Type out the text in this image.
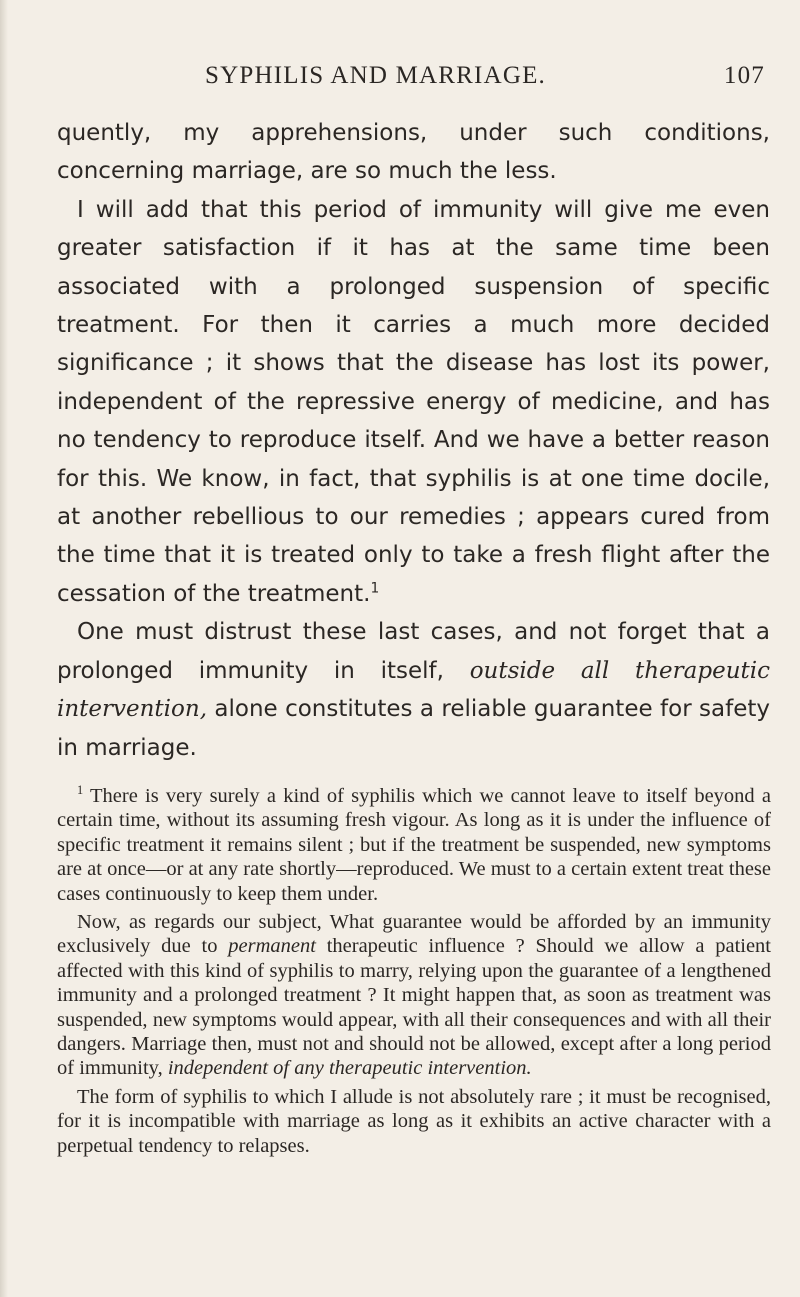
SYPHILIS AND MARRIAGE.	107

quently, my apprehensions, under such conditions, concerning marriage, are so much the less.

I will add that this period of immunity will give me even greater satisfaction if it has at the same time been associated with a prolonged suspension of specific treatment. For then it carries a much more decided significance ; it shows that the disease has lost its power, independent of the repressive energy of medicine, and has no tendency to reproduce itself. And we have a better reason for this. We know, in fact, that syphilis is at one time docile, at another rebellious to our remedies ; appears cured from the time that it is treated only to take a fresh flight after the cessation of the treatment.$^1$

One must distrust these last cases, and not forget that a prolonged immunity in itself, outside all therapeutic intervention, alone constitutes a reliable guarantee for safety in marriage.

$^1$ There is very surely a kind of syphilis which we cannot leave to itself beyond a certain time, without its assuming fresh vigour. As long as it is under the influence of specific treatment it remains silent ; but if the treatment be suspended, new symptoms are at once—or at any rate shortly—reproduced. We must to a certain extent treat these cases continuously to keep them under.

Now, as regards our subject, What guarantee would be afforded by an immunity exclusively due to permanent therapeutic influence ? Should we allow a patient affected with this kind of syphilis to marry, relying upon the guarantee of a lengthened immunity and a prolonged treatment ? It might happen that, as soon as treatment was suspended, new symptoms would appear, with all their consequences and with all their dangers. Marriage then, must not and should not be allowed, except after a long period of immunity, independent of any therapeutic intervention.

The form of syphilis to which I allude is not absolutely rare ; it must be recognised, for it is incompatible with marriage as long as it exhibits an active character with a perpetual tendency to relapses.
